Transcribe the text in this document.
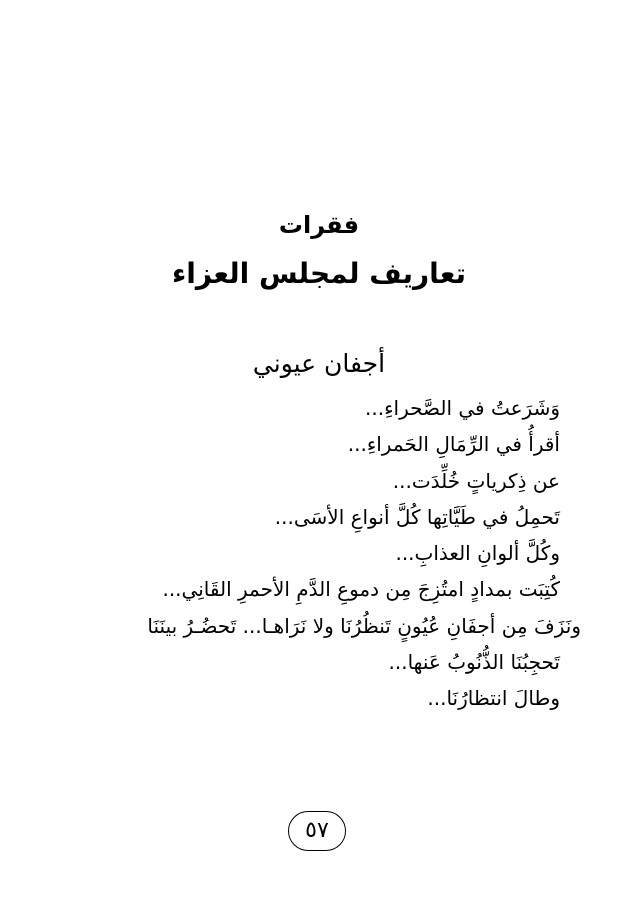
فقرات
تعاريف لمجلس العزاء
أجفان عيوني
وَشَرَعتُ في الصَّحراءِ...
أقرأُ في الرِّمَالِ الحَمراءِ...
عن ذِكرياتٍ خُلِّدَت...
تَحمِلُ في طَيَّاتِها كُلَّ أنواعِ الأسَى...
وكُلَّ ألوانِ العذابِ...
كُتِبَت بمدادٍ امتُزِجَ مِن دموعِ الدَّمِ الأحمرِ القَانِي...
ونَزَفَ مِن أجفَانِ عُيُونٍ تَنظُرُنَا ولا نَرَاهـا... تَحضُـرُ بينَنَا
تَحجِبُنَا الذُّنُوبُ عَنها...
وطالَ انتظارُنَا...
٥٧
